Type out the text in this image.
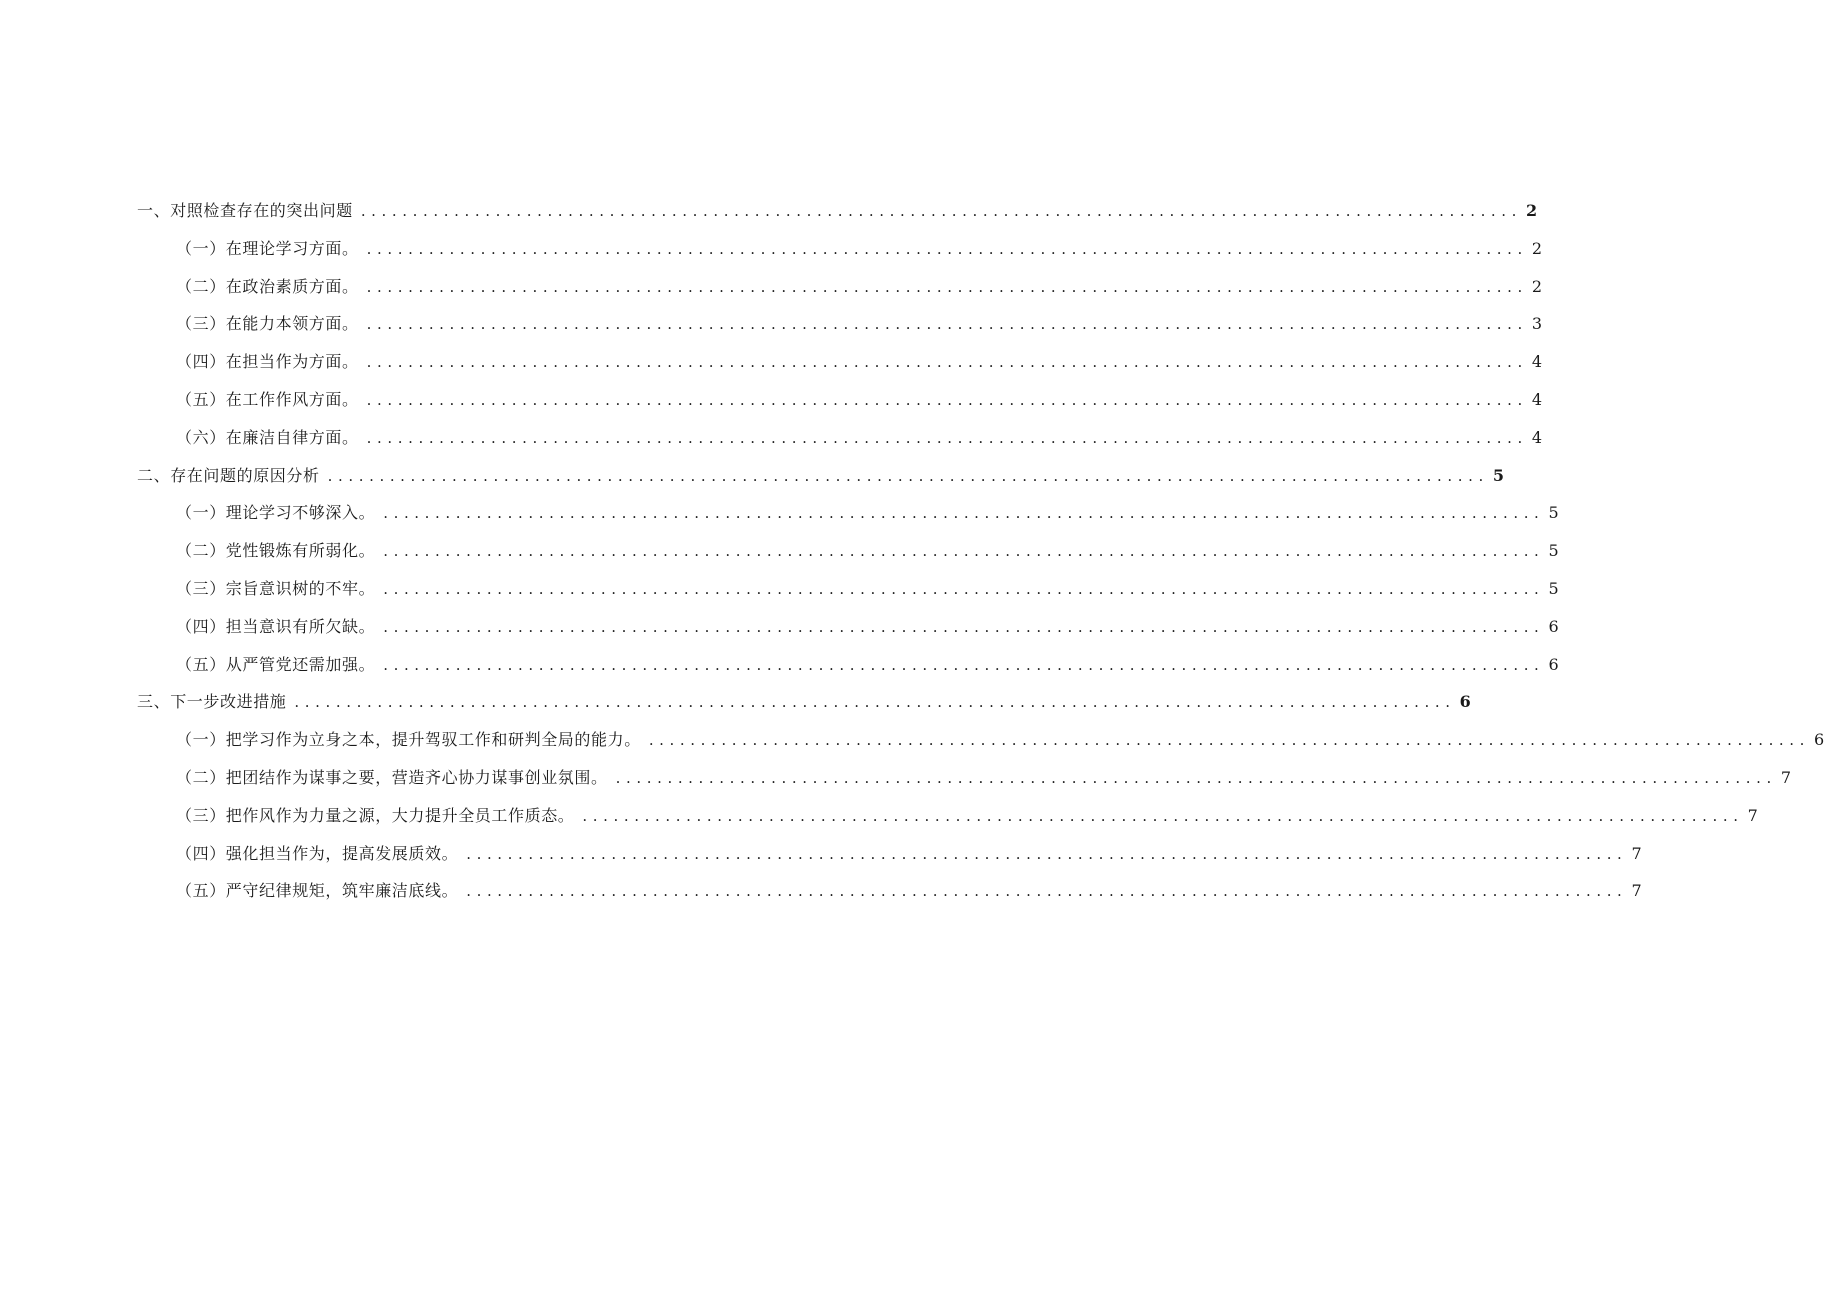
一、对照检查存在的突出问题 ................................................................................................................ 2
（一）在理论学习方面。 ................................................................................................................ 2
（二）在政治素质方面。 ................................................................................................................ 2
（三）在能力本领方面。 ................................................................................................................ 3
（四）在担当作为方面。 ................................................................................................................ 4
（五）在工作作风方面。 ................................................................................................................ 4
（六）在廉洁自律方面。 ................................................................................................................ 4
二、存在问题的原因分析 ................................................................................................................ 5
（一）理论学习不够深入。 ................................................................................................................ 5
（二）党性锻炼有所弱化。 ................................................................................................................ 5
（三）宗旨意识树的不牢。 ................................................................................................................ 5
（四）担当意识有所欠缺。 ................................................................................................................ 6
（五）从严管党还需加强。 ................................................................................................................ 6
三、下一步改进措施 ................................................................................................................ 6
（一）把学习作为立身之本，提升驾驭工作和研判全局的能力。 ................................................................................................................ 6
（二）把团结作为谋事之要，营造齐心协力谋事创业氛围。 ................................................................................................................ 7
（三）把作风作为力量之源，大力提升全员工作质态。 ................................................................................................................ 7
（四）强化担当作为，提高发展质效。 ................................................................................................................ 7
（五）严守纪律规矩，筑牢廉洁底线。 ................................................................................................................ 7
